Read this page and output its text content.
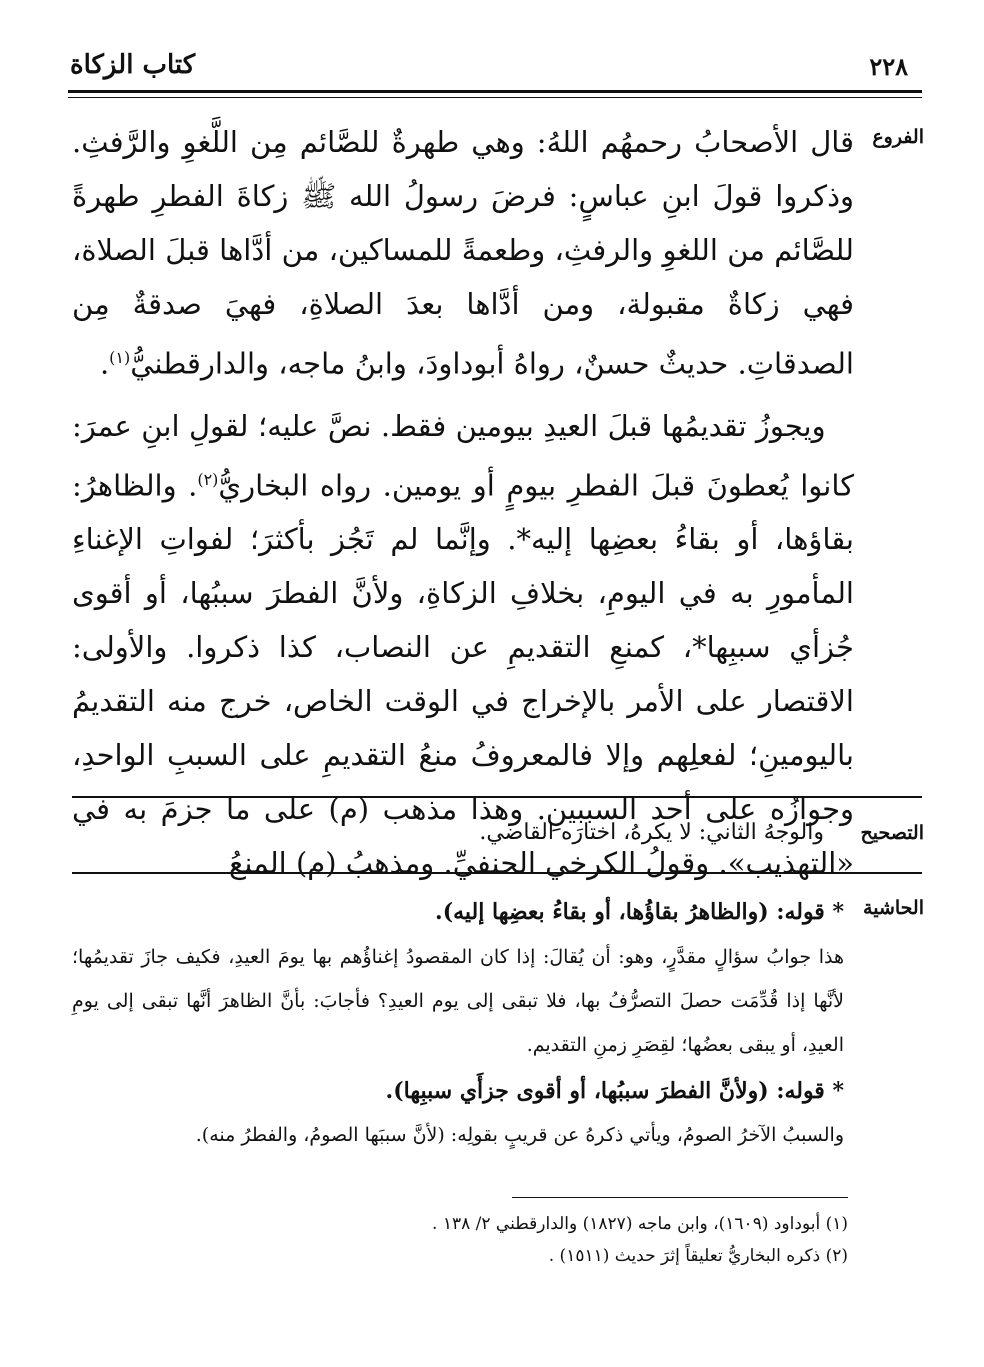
٢٢٨
كتاب الزكاة
الفروع

قال الأصحابُ رحمهُم اللهُ: وهي طهرةٌ للصَّائم مِن اللَّغوِ والرَّفثِ. وذكروا قولَ ابنِ عباسٍ: فرضَ رسولُ الله ﷺ زكاةَ الفطرِ طهرةً للصَّائم من اللغوِ والرفثِ، وطعمةً للمساكين، من أدَّاها قبلَ الصلاة، فهي زكاةٌ مقبولة، ومن أدَّاها بعدَ الصلاةِ، فهيَ صدقةٌ مِن الصدقاتِ. حديثٌ حسنٌ، رواهُ أبوداودَ، وابنُ ماجه، والدارقطنيُّ$^{(١)}$.

ويجوزُ تقديمُها قبلَ العيدِ بيومين فقط. نصَّ عليه؛ لقولِ ابنِ عمرَ: كانوا يُعطونَ قبلَ الفطرِ بيومٍ أو يومين. رواه البخاريُّ$^{(٢)}$. والظاهرُ: بقاؤها، أو بقاءُ بعضِها إليه*. وإنَّما لم تَجُز بأكثرَ؛ لفواتِ الإغناءِ المأمورِ به في اليومِ، بخلافِ الزكاةِ، ولأنَّ الفطرَ سببُها، أو أقوى جُزأي سببِها*، كمنعِ التقديمِ عن النصاب، كذا ذكروا. والأولى: الاقتصار على الأمر بالإخراج في الوقت الخاص، خرج منه التقديمُ باليومينِ؛ لفعلِهم وإلا فالمعروفُ منعُ التقديمِ على السببِ الواحدِ، وجوازُه على أحد السببينِ. وهذا مذهب (م) على ما جزمَ به في «التهذيب». وقولُ الكرخي الحنفيِّ. ومذهبُ (م) المنعُ

التصحيح
والوجهُ الثاني: لا يكرهُ، اختارَه القاضي.
الحاشية

* قوله: (والظاهرُ بقاؤُها، أو بقاءُ بعضِها إليه).

هذا جوابُ سؤالٍ مقدَّرٍ، وهو: أن يُقالَ: إذا كان المقصودُ إغناؤُهم بها يومَ العيدِ، فكيف جازَ تقديمُها؛ لأنَّها إذا قُدِّمَت حصلَ التصرُّفُ بها، فلا تبقى إلى يوم العيدِ؟ فأجابَ: بأنَّ الظاهرَ أنَّها تبقى إلى يومِ العيدِ، أو يبقى بعضُها؛ لقِصَرِ زمنِ التقديم.

* قوله: (ولأنَّ الفطرَ سببُها، أو أقوى جزأَي سببِها).

والسببُ الآخرُ الصومُ، ويأتي ذكرهُ عن قريبٍ بقولِه: (لأنَّ سببَها الصومُ، والفطرُ منه).

(١) أبوداود (١٦٠٩)، وابن ماجه (١٨٢٧) والدارقطني ٢/ ١٣٨ .

(٢) ذكره البخاريُّ تعليقاً إثرَ حديث (١٥١١) .
